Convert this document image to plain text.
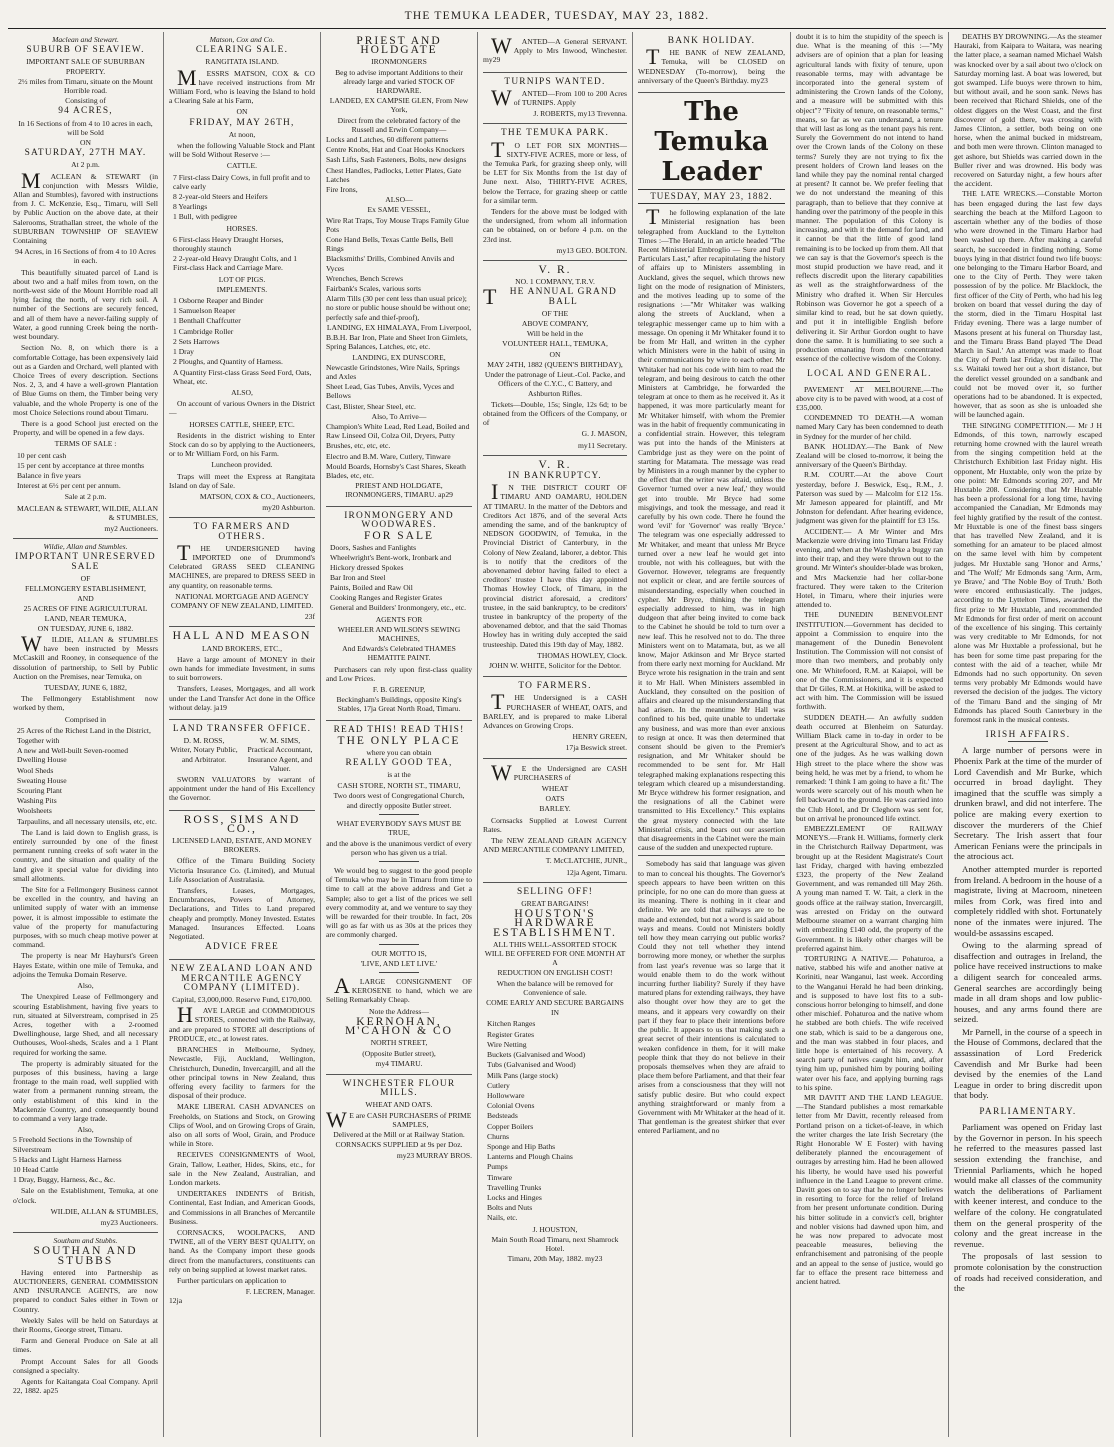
THE TEMUKA LEADER, TUESDAY, MAY 23, 1882.
Maclean and Stewart.
SUBURB OF SEAVIEW.
IMPORTANT SALE OF SUBURBAN PROPERTY.
2½ miles from Timaru, situate on the Mount Horrible road.
Consisting of
94 ACRES,
In 16 Sections of from 4 to 10 acres in each, will be Sold
ON
SATURDAY, 27TH MAY.
At 2 p.m.
MACLEAN & STEWART (in conjunction with Messrs Wildie, Allan and Stumbles), favored with instructions from J. C. McKenzie, Esq., Timaru, will Sell by Public Auction on the above date, at their Salerooms, Strathallan street, the whole of the SUBURBAN TOWNSHIP OF SEAVIEW Containing
94 Acres, in 16 Sections of from 4 to 10 Acres in each.
This beautifully situated parcel of Land is about two and a half miles from town, on the north-west side of the Mount Horrible road all lying facing the north, of very rich soil. A number of the Sections are securely fenced, and all of them have a never-failing supply of Water, a good running Creek being the north-west boundary.
Section No. 8, on which there is a comfortable Cottage, has been expensively laid out as a Garden and Orchard, well planted with Choice Trees of every description. Sections Nos. 2, 3, and 4 have a well-grown Plantation of Blue Gums on them, the Timber being very valuable, and the whole Property is one of the most Choice Selections round about Timaru.
There is a good School just erected on the Property, and will be opened in a few days.
TERMS OF SALE :
10 per cent cash
15 per cent by acceptance at three months
Balance in five years
Interest at 6½ per cent per annum.
Sale at 2 p.m.
MACLEAN & STEWART, WILDIE, ALLAN & STUMBLES,
my2 Auctioneers.
Wildie, Allan and Stumbles.
IMPORTANT UNRESERVED SALE
OF
FELLMONGERY ESTABLISHMENT,
AND
25 ACRES OF FINE AGRICULTURAL LAND, NEAR TEMUKA,
ON TUESDAY, JUNE 6, 1882.
WILDIE, ALLAN & STUMBLES have been instructed by Messrs McCaskill and Rooney, in consequence of the dissolution of partnership, to Sell by Public Auction on the Premises, near Temuka, on
TUESDAY, JUNE 6, 1882,
The Fellmongery Establishment now worked by them,
Comprised in
25 Acres of the Richest Land in the District,
Together with
A new and Well-built Seven-roomed Dwelling House
Wool Sheds
Sweating House
Scouring Plant
Washing Pits
Woolsheets
Tarpaulins, and all necessary utensils, etc, etc.
The Land is laid down to English grass, is entirely surrounded by one of the finest permanent running creeks of soft water in the country, and the situation and quality of the land give it special value for dividing into small allotments.
The Site for a Fellmongery Business cannot be excelled in the country, and having an unlimited supply of water with an immense power, it is almost impossible to estimate the value of the property for manufacturing purposes, with so much cheap motive power at command.
The property is near Mr Hayhurst's Green Hayes Estate, within one mile of Temuka, and adjoins the Temuka Domain Reserve.
Also,
The Unexpired Lease of Fellmongery and scouring Establishment, having five years to run, situated at Silverstream, comprised in 25 Acres, together with a 2-roomed Dwellinghouse, large Shed, and all necessary Outhouses, Wool-sheds, Scales and a 1 Plant required for working the same.
The property is admirably situated for the purposes of this business, having a large frontage to the main road, well supplied with water from a permanent running stream, the only establishment of this kind in the Mackenzie Country, and consequently bound to command a very large trade.
Also,
5 Freehold Sections in the Township of Silverstream
5 Hacks and Light Harness Harness
10 Head Cattle
1 Dray, Buggy, Harness, &c., &c.
Sale on the Establishment, Temuka, at one o'clock.
WILDIE, ALLAN & STUMBLES,
my23 Auctioneers.
Southam and Stubbs.
SOUTHAN AND STUBBS
Having entered into Partnership as AUCTIONEERS, GENERAL COMMISSION AND INSURANCE AGENTS, are now prepared to conduct Sales either in Town or Country.
Weekly Sales will be held on Saturdays at their Rooms, George street, Timaru.
Farm and General Produce on Sale at all times.
Prompt Account Sales for all Goods consigned a specialty.
Agents for Kaitangata Coal Company. April 22, 1882. ap25
Matson, Cox and Co.
CLEARING SALE.
RANGITATA ISLAND.
MESSRS MATSON, COX & CO have received instructions from Mr William Ford, who is leaving the Island to hold a Clearing Sale at his Farm,
ON
FRIDAY, MAY 26TH,
At noon,
when the following Valuable Stock and Plant will be Sold Without Reserve :—
CATTLE.
7 First-class Dairy Cows, in full profit and to calve early
8 2-year-old Steers and Heifers
8 Yearlings
1 Bull, with pedigree
HORSES.
6 First-class Heavy Draught Horses, thoroughly staunch
2 2-year-old Heavy Draught Colts, and 1 First-class Hack and Carriage Mare.
LOT OF PIGS.
IMPLEMENTS.
1 Osborne Reaper and Binder
1 Samuelson Reaper
1 Benthall Chaffcutter
1 Cambridge Roller
2 Sets Harrows
1 Dray
2 Ploughs, and Quantity of Harness.
A Quantity First-class Grass Seed Ford, Oats, Wheat, etc.
ALSO,
On account of various Owners in the District—
HORSES CATTLE, SHEEP, ETC.
Residents in the district wishing to Enter Stock can do so by applying to the Auctioneers, or to Mr William Ford, on his Farm.
Luncheon provided.
Traps will meet the Express at Rangitata Island on day of Sale.
MATSON, COX & CO., Auctioneers,
my20 Ashburton.
TO FARMERS AND OTHERS.
THE UNDERSIGNED having IMPORTED one of Drummond's Celebrated GRASS SEED CLEANING MACHINES, are prepared to DRESS SEED in any quantity, on reasonable terms.
NATIONAL MORTGAGE AND AGENCY COMPANY OF NEW ZEALAND, LIMITED.
23f
HALL AND MEASON
LAND BROKERS, ETC.,
Have a large amount of MONEY in their own hands for immediate Investment, in sums to suit borrowers.
Transfers, Leases, Mortgages, and all work under the Land Transfer Act done in the Office without delay. ja19
LAND TRANSFER OFFICE.
D. M. ROSS,
Writer, Notary Public, and Arbitrator.
W. M. SIMS,
Practical Accountant, Insurance Agent, and Valuer.
SWORN VALUATORS by warrant of appointment under the hand of His Excellency the Governor.
ROSS, SIMS AND CO.,
LICENSED LAND, ESTATE, AND MONEY BROKERS.
Office of the Timaru Building Society Victoria Insurance Co. (Limited), and Mutual Life Association of Australasia.
Transfers, Leases, Mortgages, Encumbrances, Powers of Attorney, Declarations, and Titles to Land prepared cheaply and promptly. Money Invested. Estates Managed. Insurances Effected. Loans Negotiated.
ADVICE FREE
NEW ZEALAND LOAN AND MERCANTILE AGENCY COMPANY (LIMITED).
Capital, £3,000,000. Reserve Fund, £170,000.
HAVE LARGE and COMMODIOUS STORES, connected with the Railway, and are prepared to STORE all descriptions of PRODUCE, etc., at lowest rates.
BRANCHES in Melbourne, Sydney, Newcastle, Fiji, Auckland, Wellington, Christchurch, Dunedin, Invercargill, and all the other principal towns in New Zealand, thus offering every facility to farmers for the disposal of their produce.
MAKE LIBERAL CASH ADVANCES on Freeholds, on Stations and Stock, on Growing Clips of Wool, and on Growing Crops of Grain, also on all sorts of Wool, Grain, and Produce while in Store.
RECEIVES CONSIGNMENTS of Wool, Grain, Tallow, Leather, Hides, Skins, etc., for sale in the New Zealand, Australian, and London markets.
UNDERTAKES INDENTS of British, Continental, East Indian, and American Goods, and Commissions in all Branches of Mercantile Business.
CORNSACKS, WOOLPACKS, AND TWINE, all of the VERY BEST QUALITY, on hand. As the Company import these goods direct from the manufacturers, constituents can rely on being supplied at lowest market rates.
Further particulars on application to
F. LECREN, Manager.
12ja
PRIEST AND HOLDGATE
IRONMONGERS
Beg to advise important Additions to their already large and varied STOCK OF HARDWARE.
LANDED, EX CAMPSIE GLEN, From New York,
Direct from the celebrated factory of the Russell and Erwin Company—
Locks and Latches, 60 different patterns
Centre Knobs, Hat and Coat Hooks Knockers
Sash Lifts, Sash Fasteners, Bolts, new designs
Chest Handles, Padlocks, Letter Plates, Gate Latches
Fire Irons,
ALSO—
Ex SAME VESSEL,
Wire Rat Traps, Toy Mouse Traps Family Glue Pots
Cone Hand Bells, Texas Cattle Bells, Bell Rings
Blacksmiths' Drills, Combined Anvils and Vyces
Wrenches, Bench Screws
Fairbank's Scales, various sorts
Alarm Tills (30 per cent less than usual price); no store or public house should be without one; perfectly safe and thief-proof),
LANDING, EX HIMALAYA, From Liverpool,
B.B.H. Bar Iron, Plate and Sheet Iron Gimlets, Spring Balances, Latches, etc, etc.
LANDING, EX DUNSCORE,
Newcastle Grindstones, Wire Nails, Springs and Axles
Sheet Lead, Gas Tubes, Anvils, Vyces and Bellows
Cast, Blister, Shear Steel, etc.
Also, To Arrive—
Champion's White Lead, Red Lead, Boiled and Raw Linseed Oil, Colza Oil, Dryers, Putty
Brushes, etc, etc, etc.
Electro and B.M. Ware, Cutlery, Tinware
Mould Boards, Hornsby's Cast Shares, Skeath Blades, etc, etc.
PRIEST AND HOLDGATE, IRONMONGERS, TIMARU. ap29
IRONMONGERY AND WOODWARES.
FOR SALE
Doors, Sashes and Fanlights
Wheelwright's Bent-work, Ironbark and Hickory dressed Spokes
Bar Iron and Steel
Paints, Boiled and Raw Oil
Cooking Ranges and Register Grates
General and Builders' Ironmongery, etc., etc.
AGENTS FOR
WHEELER AND WILSON'S SEWING MACHINES,
And Edwards's Celebrated THAMES HEMATITE PAINT.
Purchasers can rely upon first-class quality and Low Prices.
F. B. GREENUP,
Beckingham's Buildings, opposite King's Stables, 17ja Great North Road, Timaru.
READ THIS! READ THIS!
THE ONLY PLACE
where you can obtain
REALLY GOOD TEA,
is at the
CASH STORE, NORTH ST., TIMARU,
Two doors west of Congregational Church,
and directly opposite Butler street.
WHAT EVERYBODY SAYS MUST BE TRUE,
and the above is the unanimous verdict of every person who has given us a trial.
We would beg to suggest to the good people of Temuka who may be in Timaru from time to time to call at the above address and Get a Sample; also to get a list of the prices we sell every commodity at, and we venture to say they will be rewarded for their trouble. In fact, 20s will go as far with us as 30s at the prices they are commonly charged.
OUR MOTTO IS,
'LIVE, AND LET LIVE.'
ALARGE CONSIGNMENT OF KEROSENE to hand, which we are Selling Remarkably Cheap.
Note the Address—
KERNOHAN, M'CAHON & CO
NORTH STREET,
(Opposite Butler street),
my4 TIMARU.
WINCHESTER FLOUR MILLS.
WHEAT AND OATS.
WE are CASH PURCHASERS of PRIME SAMPLES,
Delivered at the Mill or at Railway Station.
CORNSACKS SUPPLIED at 9s per Doz.
my23 MURRAY BROS.
WANTED—A General SERVANT. Apply to Mrs Inwood, Winchester. my29
TURNIPS WANTED.
WANTED—From 100 to 200 Acres of TURNIPS. Apply
J. ROBERTS, my13 Trevenna.
THE TEMUKA PARK.
TO LET FOR SIX MONTHS—SIXTY-FIVE ACRES, more or less, of the Temuka Park, for grazing sheep only, will be LET for Six Months from the 1st day of June next. Also, THIRTY-FIVE ACRES, below the Terrace, for grazing sheep or cattle for a similar term.
Tenders for the above must be lodged with the undersigned, from whom all information can be obtained, on or before 4 p.m. on the 23rd inst.
my13 GEO. BOLTON.
V. R.
NO. 1 COMPANY, T.R.V.
THE ANNUAL GRAND BALL
OF THE
ABOVE COMPANY,
Will be held in the
VOLUNTEER HALL, TEMUKA,
ON
MAY 24TH, 1882 (QUEEN'S BIRTHDAY),
Under the patronage of Lieut.-Col. Packe, and Officers of the C.Y.C., C Battery, and Ashburton Rifles.
Tickets—Double, 15s; Single, 12s 6d; to be obtained from the Officers of the Company, or of
G. J. MASON,
my11 Secretary.
V. R.
IN BANKRUPTCY.
IN THE DISTRICT COURT OF TIMARU AND OAMARU, HOLDEN AT TIMARU. In the matter of the Debtors and Creditors Act 1876, and of the several Acts amending the same, and of the bankruptcy of NEDSON GOODWIN, of Temuka, in the Provincial District of Canterbury, in the Colony of New Zealand, laborer, a debtor. This is to notify that the creditors of the abovenamed debtor having failed to elect a creditors' trustee I have this day appointed Thomas Howley Clock, of Timaru, in the provincial district aforesaid, a creditors' trustee, in the said bankruptcy, to be creditors' trustee in bankruptcy of the property of the abovenamed debtor, and that the said Thomas Howley has in writing duly accepted the said trusteeship. Dated this 19th day of May, 1882.
THOMAS HOWLEY, Clock.
JOHN W. WHITE, Solicitor for the Debtor.
TO FARMERS.
THE Undersigned is a CASH PURCHASER of WHEAT, OATS, and BARLEY, and is prepared to make Liberal Advances on Growing Crops.
HENRY GREEN,
17ja Beswick street.
WE the Undersigned are CASH PURCHASERS of
WHEAT
OATS
BARLEY.
Cornsacks Supplied at Lowest Current Rates.
The NEW ZEALAND GRAIN AGENCY AND MERCANTILE COMPANY LIMITED,
T. McCLATCHIE, JUNR.,
12ja Agent, Timaru.
SELLING OFF!
GREAT BARGAINS!
HOUSTON'S HARDWARE ESTABLISHMENT.
ALL THIS WELL-ASSORTED STOCK WILL BE OFFERED FOR ONE MONTH AT A
REDUCTION ON ENGLISH COST!
When the balance will be removed for Convenience of sale.
COME EARLY AND SECURE BARGAINS
IN
Kitchen Ranges
Register Grates
Wire Netting
Buckets (Galvanised and Wood)
Tubs (Galvanised and Wood)
Milk Pans (large stock)
Cutlery
Hollowware
Colonial Ovens
Bedsteads
Copper Boilers
Churns
Sponge and Hip Baths
Lanterns and Plough Chains
Pumps
Tinware
Travelling Trunks
Locks and Hinges
Bolts and Nuts
Nails, etc.
J. HOUSTON,
Main South Road Timaru, next Shamrock Hotel.
Timaru, 20th May, 1882. my23
BANK HOLIDAY.
THE BANK of NEW ZEALAND, Temuka, will be CLOSED on WEDNESDAY (To-morrow), being the anniversary of the Queen's Birthday. my23
The Temuka Leader
TUESDAY, MAY 23, 1882.
The following explanation of the late Ministerial resignation has been telegraphed from Auckland to the Lyttelton Times :—The Herald, in an article headed "The Recent Ministerial Embroglio — Sure and Full Particulars Last," after recapitulating the history of affairs up to Ministers assembling in Auckland, gives the sequel, which throws new light on the mode of resignation of Ministers, and the motives leading up to some of the resignations :—"Mr Whitaker was walking along the streets of Auckland, when a telegraphic messenger came up to him with a message. On opening it Mr Whitaker found it to be from Mr Hall, and written in the cypher which Ministers were in the habit of using in their communications by wire to each other. Mr Whitaker had not his code with him to read the telegram, and being desirous to catch the other Ministers at Cambridge, he forwarded the telegram at once to them as he received it. As it happened, it was more particularly meant for Mr Whitaker himself, with whom the Premier was in the habit of frequently communicating in a confidential strain. However, this telegram was put into the hands of the Ministers at Cambridge just as they were on the point of starting for Matamata. The message was read by Ministers in a rough manner by the cypher to the effect that the writer was afraid, unless the Governor 'turned over a new leaf,' they would get into trouble. Mr Bryce had some misgivings, and took the message, and read it carefully by his own code. There he found the word 'evil' for 'Governor' was really 'Bryce.' The telegram was one especially addressed to Mr Whitaker, and meant that unless Mr Bryce turned over a new leaf he would get into trouble, not with his colleagues, but with the Governor. However, telegrams are frequently not explicit or clear, and are fertile sources of misunderstanding, especially when couched in cypher. Mr Bryce, thinking the telegram especially addressed to him, was in high dudgeon that after being invited to come back to the Cabinet he should be told to turn over a new leaf. This he resolved not to do. The three Ministers went on to Matamata, but, as we all know, Major Atkinson and Mr Bryce started from there early next morning for Auckland. Mr Bryce wrote his resignation in the train and sent it to Mr Hall. When Ministers assembled in Auckland, they consulted on the position of affairs and cleared up the misunderstanding that had arisen. In the meantime Mr Hall was confined to his bed, quite unable to undertake any business, and was more than ever anxious to resign at once. It was then determined that consent should be given to the Premier's resignation, and Mr Whitaker should be recommended to be sent for. Mr Hall telegraphed making explanations respecting this telegram which cleared up a misunderstanding. Mr Bryce withdrew his former resignation, and the resignations of all the Cabinet were transmitted to His Excellency." This explains the great mystery connected with the late Ministerial crisis, and bears out our assertion that disagreements in the Cabinet were the main cause of the sudden and unexpected rupture.
Somebody has said that language was given to man to conceal his thoughts. The Governor's speech appears to have been written on this principle, for no one can do more than guess at its meaning. There is nothing in it clear and definite. We are told that railways are to be made and extended, but not a word is said about ways and means. Could not Ministers boldly tell how they mean carrying out public works? Could they not tell whether they intend borrowing more money, or whether the surplus from last year's revenue was so large that it would enable them to do the work without incurring further liability? Surely if they have matured plans for extending railways, they have also thought over how they are to get the means, and it appears very cowardly on their part if they fear to place their intentions before the public. It appears to us that making such a great secret of their intentions is calculated to weaken confidence in them, for it will make people think that they do not believe in their proposals themselves when they are afraid to place them before Parliament, and that their fear arises from a consciousness that they will not satisfy public desire. But who could expect anything straightforward or manly from a Government with Mr Whitaker at the head of it. That gentleman is the greatest shirker that ever entered Parliament, and no
doubt it is to him the stupidity of the speech is due. What is the meaning of this :—"My advisers are of opinion that a plan for leasing agricultural lands with fixity of tenure, upon reasonable terms, may with advantage be incorporated into the general system of administering the Crown lands of the Colony, and a measure will be submitted with this object"? "Fixity of tenure, on reasonable terms," means, so far as we can understand, a tenure that will last as long as the tenant pays his rent. Surely the Government do not intend to hand over the Crown lands of the Colony on these terms? Surely they are not trying to fix the present holders of Crown land leases on the land while they pay the nominal rental charged at present? It cannot be. We prefer feeling that we do not understand the meaning of this paragraph, than to believe that they connive at handing over the patrimony of the people in this manner. The population of this Colony is increasing, and with it the demand for land, and it cannot be that the little of good land remaining is to be locked up from them. All that we can say is that the Governor's speech is the most stupid production we have read, and it reflects discredit upon the literary capabilities as well as the straightforwardness of the Ministry who drafted it. When Sir Hercules Robinson was Governor he got a speech of a similar kind to read, but he sat down quietly, and put it in intelligible English before delivering it. Sir Arthur Gordon ought to have done the same. It is humiliating to see such a production emanating from the concentrated essence of the collective wisdom of the Colony.
LOCAL AND GENERAL.
PAVEMENT AT MELBOURNE.—The above city is to be paved with wood, at a cost of £35,000.
CONDEMNED TO DEATH.—A woman named Mary Cary has been condemned to death in Sydney for the murder of her child.
BANK HOLIDAY.—The Bank of New Zealand will be closed to-morrow, it being the anniversary of the Queen's Birthday.
R.M. COURT.—At the above Court yesterday, before J. Beswick, Esq., R.M., J. Paterson was sued by — Malcolm for £12 15s. Mr Jameson appeared for plaintiff, and Mr Johnston for defendant. After hearing evidence, judgment was given for the plaintiff for £3 15s.
ACCIDENT.— A Mr Winter and Mrs Mackenzie were driving into Timaru last Friday evening, and when at the Washdyke a buggy ran into their trap, and they were thrown out to the ground. Mr Winter's shoulder-blade was broken, and Mrs Mackenzie had her collar-bone fractured. They were taken to the Criterion Hotel, in Timaru, where their injuries were attended to.
THE DUNEDIN BENEVOLENT INSTITUTION.—Government has decided to appoint a Commission to enquire into the management of the Dunedin Benevolent Institution. The Commission will not consist of more than two members, and probably only one. Mr Whitefoord, R.M. at Kaiapoi, will be one of the Commissioners, and it is expected that Dr Giles, R.M. at Hokitika, will be asked to act with him. The Commission will be issued forthwith.
SUDDEN DEATH.— An awfully sudden death occurred at Blenheim on Saturday. William Black came in to-day in order to be present at the Agricultural Show, and to act as one of the judges. As he was walking down High street to the place where the show was being held, he was met by a friend, to whom he remarked: 'I think I am going to have a fit.' The words were scarcely out of his mouth when he fell backward to the ground. He was carried into the Club Hotel, and Dr Cleghorn was sent for, but on arrival he pronounced life extinct.
EMBEZZLEMENT OF RAILWAY MONEYS.—Frank H. Williams, formerly clerk in the Christchurch Railway Department, was brought up at the Resident Magistrate's Court last Friday, charged with having embezzled £323, the property of the New Zealand Government, and was remanded till May 26th. A young man named T. W. Tait, a clerk in the goods office at the railway station, Invercargill, was arrested on Friday on the outward Melbourne steamer on a warrant charging him with embezzling £140 odd, the property of the Government. It is likely other charges will be preferred against him.
TORTURING A NATIVE.— Pohaturoa, a native, stabbed his wife and another native at Koriniti, near Wanganui, last week. According to the Wanganui Herald he had been drinking, and is supposed to have lost fits to a sub-conscious horror belonging to himself, and done other mischief. Pohaturoa and the native whom he stabbed are both chiefs. The wife received one stab, which is said to be a dangerous one, and the man was stabbed in four places, and little hope is entertained of his recovery. A search party of natives caught him, and, after tying him up, punished him by pouring boiling water over his face, and applying burning rags to his spine.
MR DAVITT AND THE LAND LEAGUE.—The Standard publishes a most remarkable letter from Mr Davitt, recently released from Portland prison on a ticket-of-leave, in which the writer charges the late Irish Secretary (the Right Honorable W E Foster) with having deliberately planned the encouragement of outrages by arresting him. Had he been allowed his liberty, he would have used his powerful influence in the Land League to prevent crime. Davitt goes on to say that he no longer believes in resorting to force for the relief of Ireland from her present unfortunate condition. During his bitter solitude in a convict's cell, brighter and nobler visions had dawned upon him, and he was now prepared to advocate most peaceable measures, believing the enfranchisement and patronising of the people and an appeal to the sense of justice, would go far to efface the present race bitterness and ancient hatred.
DEATHS BY DROWNING.—As the steamer Hauraki, from Kaipara to Waitara, was nearing the latter place, a seaman named Michael Walsh was knocked over by a sail about two o'clock on Saturday morning last. A boat was lowered, but got swamped. Life buoys were thrown to him, but without avail, and he soon sank. News has been received that Richard Shields, one of the oldest diggers on the West Coast, and the first discoverer of gold there, was crossing with James Clinton, a settler, both being on one horse, when the animal bucked in midstream, and both men were thrown. Clinton managed to get ashore, but Shields was carried down in the Buller river and was drowned. His body was recovered on Saturday night, a few hours after the accident.
THE LATE WRECKS.—Constable Morton has been engaged during the last few days searching the beach at the Milford Lagoon to ascertain whether any of the bodies of those who were drowned in the Timaru Harbor had been washed up there. After making a careful search, he succeeded in finding nothing. Some buoys lying in that district found two life buoys: one belonging to the Timaru Harbor Board, and one to the City of Perth. They were taken possession of by the police. Mr Blacklock, the first officer of the City of Perth, who had his leg broken on board that vessel during the day of the storm, died in the Timaru Hospital last Friday evening. There was a large number of Masons present at his funeral on Thursday last, and the Timaru Brass Band played 'The Dead March in Saul.' An attempt was made to float the City of Perth last Friday, but it failed. The s.s. Waitaki towed her out a short distance, but the derelict vessel grounded on a sandbank and could not be moved over it, so further operations had to be abandoned. It is expected, however, that as soon as she is unloaded she will be launched again.
THE SINGING COMPETITION.— Mr J H Edmonds, of this town, narrowly escaped returning home crowned with the laurel wreath from the singing competition held at the Christchurch Exhibition last Friday night. His opponent, Mr Huxtable, only won the prize by one point: Mr Edmonds scoring 207, and Mr Huxtable 208. Considering that Mr Huxtable has been a professional for a long time, having accompanied the Canadian, Mr Edmonds may feel highly gratified by the result of the contest. Mr Huxtable is one of the finest bass singers that has travelled New Zealand, and it is something for an amateur to be placed almost on the same level with him by competent judges. Mr Huxtable sang 'Honor and Arms,' and 'The Wolf;' Mr Edmonds sang 'Arm, Arm, ye Brave,' and 'The Noble Boy of Truth.' Both were encored enthusiastically. The judges, according to the Lyttelton Times, awarded the first prize to Mr Huxtable, and recommended Mr Edmonds for first order of merit on account of the excellence of his singing. This certainly was very creditable to Mr Edmonds, for not alone was Mr Huxtable a professional, but he has been for some time past preparing for the contest with the aid of a teacher, while Mr Edmonds had no such opportunity. On seven terms very probably Mr Edmonds would have reversed the decision of the judges. The victory of the Timaru Band and the singing of Mr Edmonds has placed South Canterbury in the foremost rank in the musical contests.
IRISH AFFAIRS.
A large number of persons were in Phoenix Park at the time of the murder of Lord Cavendish and Mr Burke, which occurred in broad daylight. They imagined that the scuffle was simply a drunken brawl, and did not interfere. The police are making every exertion to discover the murderers of the Chief Secretary. The Irish assert that four American Fenians were the principals in the atrocious act.
Another attempted murder is reported from Ireland. A bedroom in the house of a magistrate, living at Macroom, nineteen miles from Cork, was fired into and completely riddled with shot. Fortunately none of the inmates were injured. The would-be assassins escaped.
Owing to the alarming spread of disaffection and outrages in Ireland, the police have received instructions to make a diligent search for concealed arms. General searches are accordingly being made in all dram shops and low public-houses, and any arms found there are seized.
Mr Parnell, in the course of a speech in the House of Commons, declared that the assassination of Lord Frederick Cavendish and Mr Burke had been devised by the enemies of the Land League in order to bring discredit upon that body.
PARLIAMENTARY.
Parliament was opened on Friday last by the Governor in person. In his speech he referred to the measures passed last session extending the franchise, and Triennial Parliaments, which he hoped would make all classes of the community watch the deliberations of Parliament with keener interest, and conduce to the welfare of the colony. He congratulated them on the general prosperity of the colony and the great increase in the revenue.
The proposals of last session to promote colonisation by the construction of roads had received consideration, and the
